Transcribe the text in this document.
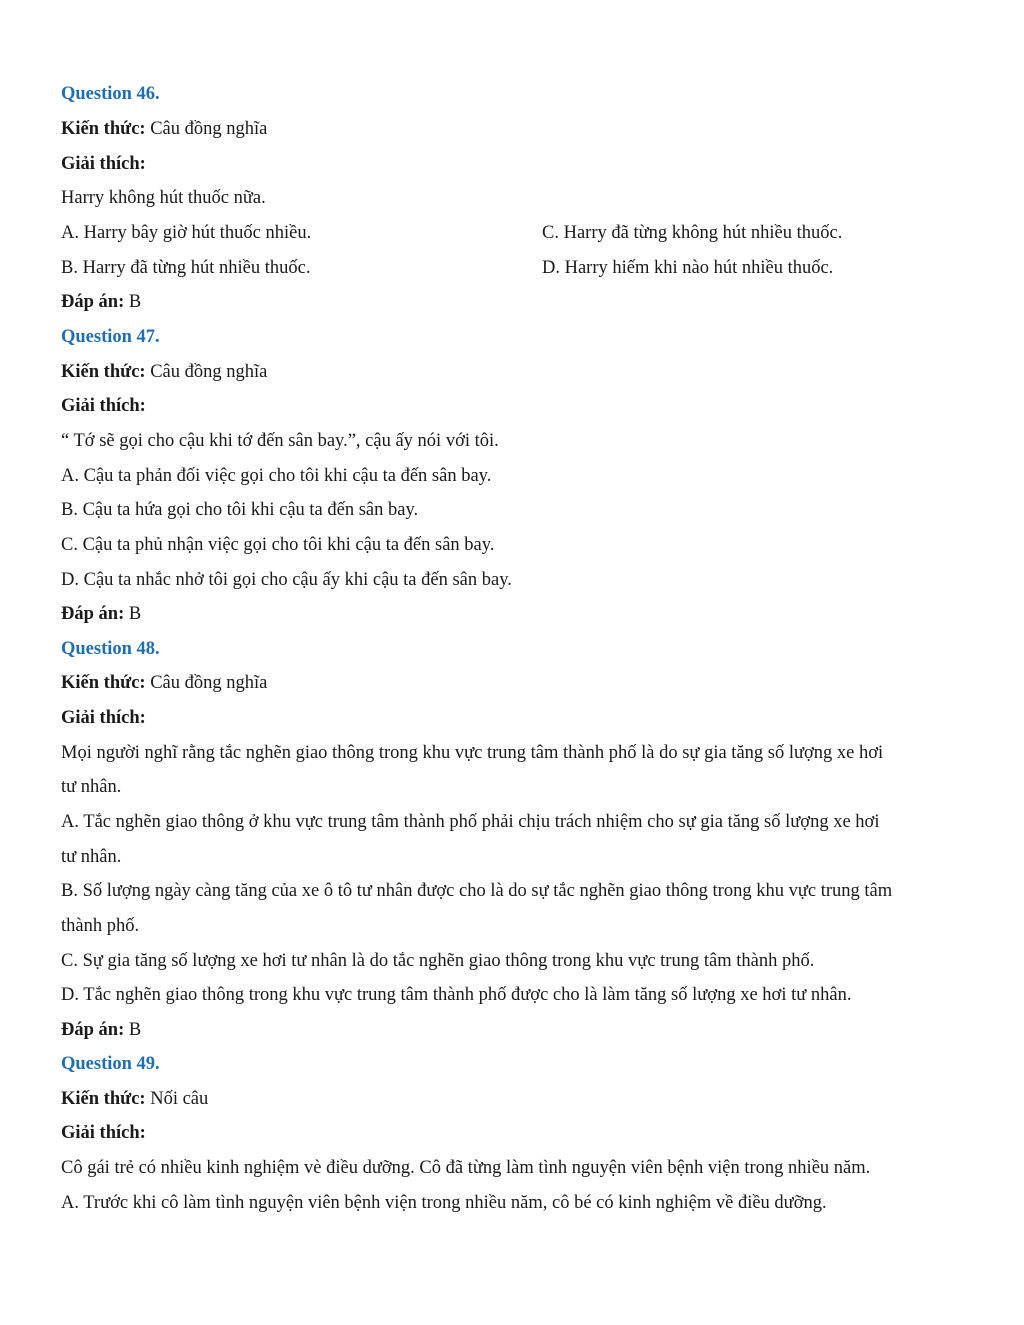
Question 46.
Kiến thức: Câu đồng nghĩa
Giải thích:
Harry không hút thuốc nữa.
A. Harry bây giờ hút thuốc nhiều.	C. Harry đã từng không hút nhiều thuốc.
B. Harry đã từng hút nhiều thuốc.	D. Harry hiếm khi nào hút nhiều thuốc.
Đáp án: B
Question 47.
Kiến thức: Câu đồng nghĩa
Giải thích:
“ Tớ sẽ gọi cho cậu khi tớ đến sân bay.”, cậu ấy nói với tôi.
A. Cậu ta phản đối việc gọi cho tôi khi cậu ta đến sân bay.
B. Cậu ta hứa gọi cho tôi khi cậu ta đến sân bay.
C. Cậu ta phủ nhận việc gọi cho tôi khi cậu ta đến sân bay.
D. Cậu ta nhắc nhở tôi gọi cho cậu ấy khi cậu ta đến sân bay.
Đáp án: B
Question 48.
Kiến thức: Câu đồng nghĩa
Giải thích:
Mọi người nghĩ rằng tắc nghẽn giao thông trong khu vực trung tâm thành phố là do sự gia tăng số lượng xe hơi
tư nhân.
A. Tắc nghẽn giao thông ở khu vực trung tâm thành phố phải chịu trách nhiệm cho sự gia tăng số lượng xe hơi
tư nhân.
B. Số lượng ngày càng tăng của xe ô tô tư nhân được cho là do sự tắc nghẽn giao thông trong khu vực trung tâm
thành phố.
C. Sự gia tăng số lượng xe hơi tư nhân là do tắc nghẽn giao thông trong khu vực trung tâm thành phố.
D. Tắc nghẽn giao thông trong khu vực trung tâm thành phố được cho là làm tăng số lượng xe hơi tư nhân.
Đáp án: B
Question 49.
Kiến thức: Nối câu
Giải thích:
Cô gái trẻ có nhiều kinh nghiệm vè điều dưỡng. Cô đã từng làm tình nguyện viên bệnh viện trong nhiều năm.
A. Trước khi cô làm tình nguyện viên bệnh viện trong nhiều năm, cô bé có kinh nghiệm về điều dưỡng.
